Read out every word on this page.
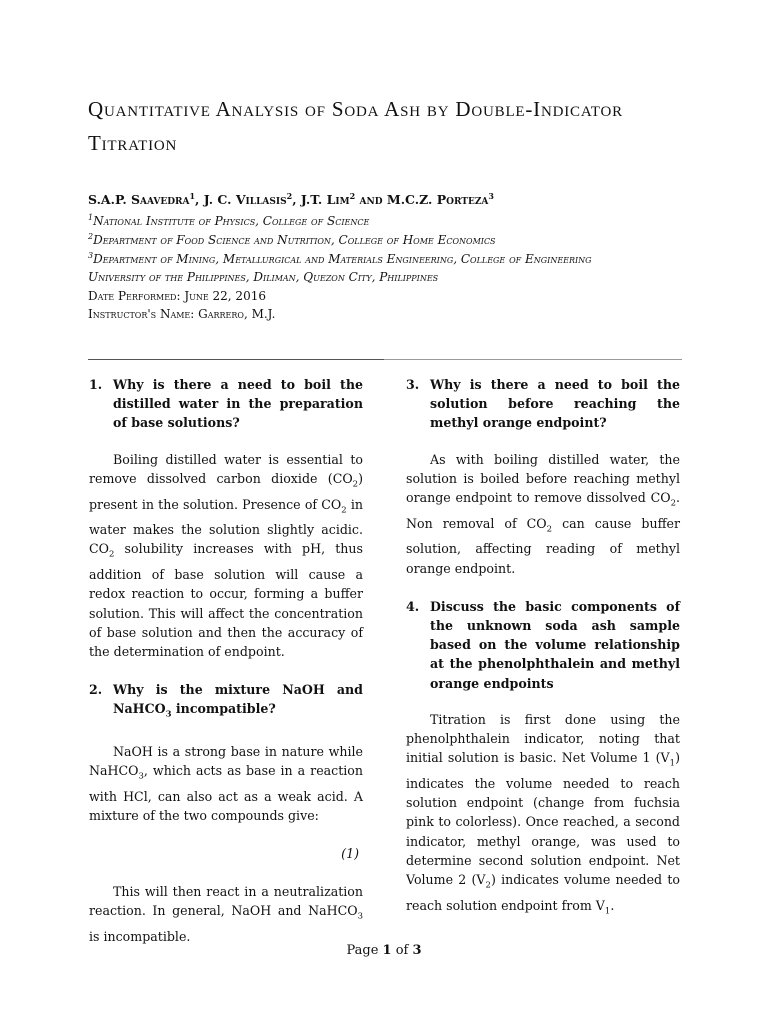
Quantitative Analysis of Soda Ash by Double-Indicator Titration
S.A.P. Saavedra$^1$, J. C. Villasis$^2$, J.T. Lim$^2$ and M.C.Z. Porteza$^3$
$^1$National Institute of Physics, College of Science
$^2$Department of Food Science and Nutrition, College of Home Economics
$^3$Department of Mining, Metallurgical and Materials Engineering, College of Engineering
University of the Philippines, Diliman, Quezon City, Philippines
Date Performed: June 22, 2016
Instructor's Name: Garrero, M.J.
1. Why is there a need to boil the distilled water in the preparation of base solutions?

Boiling distilled water is essential to remove dissolved carbon dioxide $(CO_2)$ present in the solution. Presence of $CO_2$ in water makes the solution slightly acidic. $CO_2$ solubility increases with pH, thus addition of base solution will cause a redox reaction to occur, forming a buffer solution. This will affect the concentration of base solution and then the accuracy of the determination of endpoint.

2. Why is the mixture NaOH and NaHCO$_3$ incompatible?

NaOH is a strong base in nature while NaHCO$_3$, which acts as base in a reaction with HCl, can also act as a weak acid. A mixture of the two compounds give:

(1)

This will then react in a neutralization reaction. In general, NaOH and NaHCO$_3$ is incompatible.

3. Why is there a need to boil the solution before reaching the methyl orange endpoint?

As with boiling distilled water, the solution is boiled before reaching methyl orange endpoint to remove dissolved $CO_2$. Non removal of $CO_2$ can cause buffer solution, affecting reading of methyl orange endpoint.

4. Discuss the basic components of the unknown soda ash sample based on the volume relationship at the phenolphthalein and methyl orange endpoints

Titration is first done using the phenolphthalein indicator, noting that initial solution is basic. Net Volume 1 $(V_1)$ indicates the volume needed to reach solution endpoint (change from fuchsia pink to colorless). Once reached, a second indicator, methyl orange, was used to determine second solution endpoint. Net Volume 2 $(V_2)$ indicates volume needed to reach solution endpoint from $V_1$.

Page 1 of 3
